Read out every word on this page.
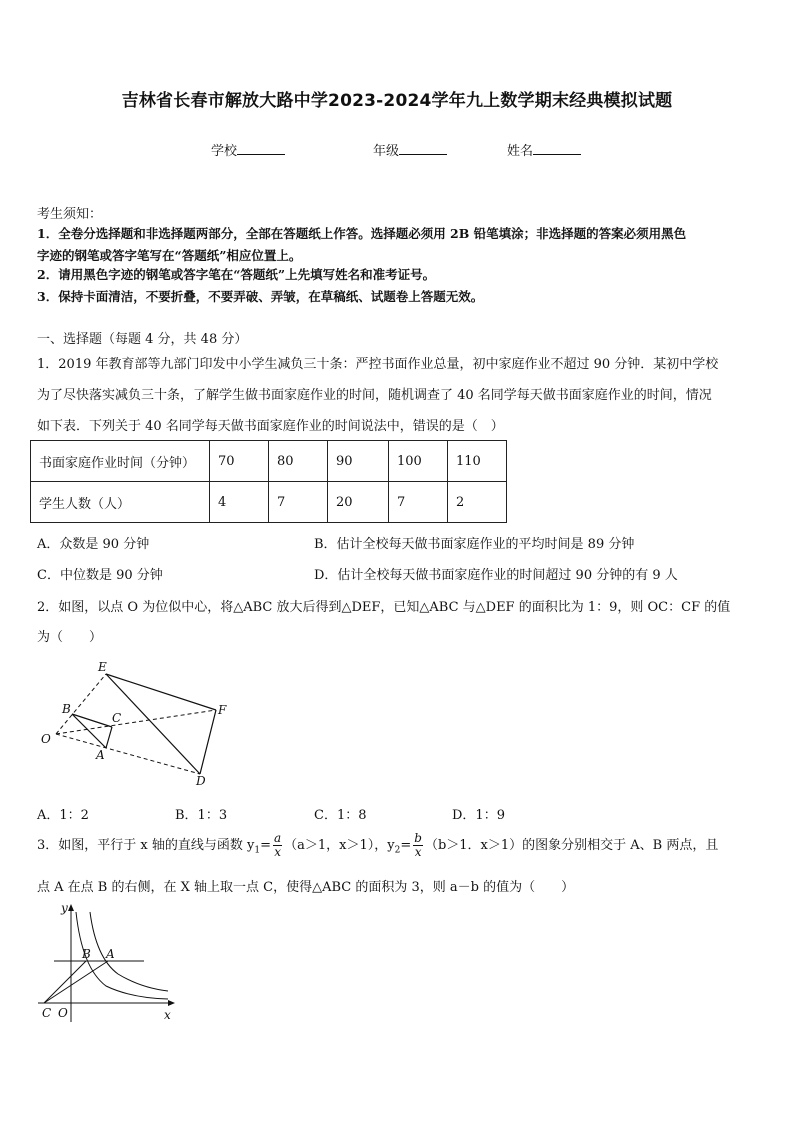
吉林省长春市解放大路中学2023-2024学年九上数学期末经典模拟试题
学校	年级	姓名
考生须知：
1．全卷分选择题和非选择题两部分，全部在答题纸上作答。选择题必须用 2B 铅笔填涂；非选择题的答案必须用黑色
字迹的钢笔或答字笔写在“答题纸”相应位置上。
2．请用黑色字迹的钢笔或答字笔在“答题纸”上先填写姓名和准考证号。
3．保持卡面清洁，不要折叠，不要弄破、弄皱，在草稿纸、试题卷上答题无效。
一、选择题（每题 4 分，共 48 分）
1．2019 年教育部等九部门印发中小学生减负三十条：严控书面作业总量，初中家庭作业不超过 90 分钟．某初中学校
为了尽快落实减负三十条，了解学生做书面家庭作业的时间，随机调查了 40 名同学每天做书面家庭作业的时间，情况
如下表．下列关于 40 名同学每天做书面家庭作业的时间说法中，错误的是（　）
书面家庭作业时间（分钟）	70	80	90	100	110
学生人数（人）	4	7	20	7	2
A．众数是 90 分钟	B．估计全校每天做书面家庭作业的平均时间是 89 分钟
C．中位数是 90 分钟	D．估计全校每天做书面家庭作业的时间超过 90 分钟的有 9 人
2．如图，以点 O 为位似中心，将△ABC 放大后得到△DEF，已知△ABC 与△DEF 的面积比为 1：9，则 OC：CF 的值
为（　　）
E
B
C
F
O
A
D
A．1：2	B．1：3	C．1：8	D．1：9
3．如图，平行于 x 轴的直线与函数 $y_1= \frac{a}{x} (a>1$，x＞1），$y_2= \frac{b}{x} (b>1$．x＞1）的图象分别相交于 A、B 两点，且
点 A 在点 B 的右侧，在 X 轴上取一点 C，使得△ABC 的面积为 3，则 a－b 的值为（　　）
y
x
B A
C O
